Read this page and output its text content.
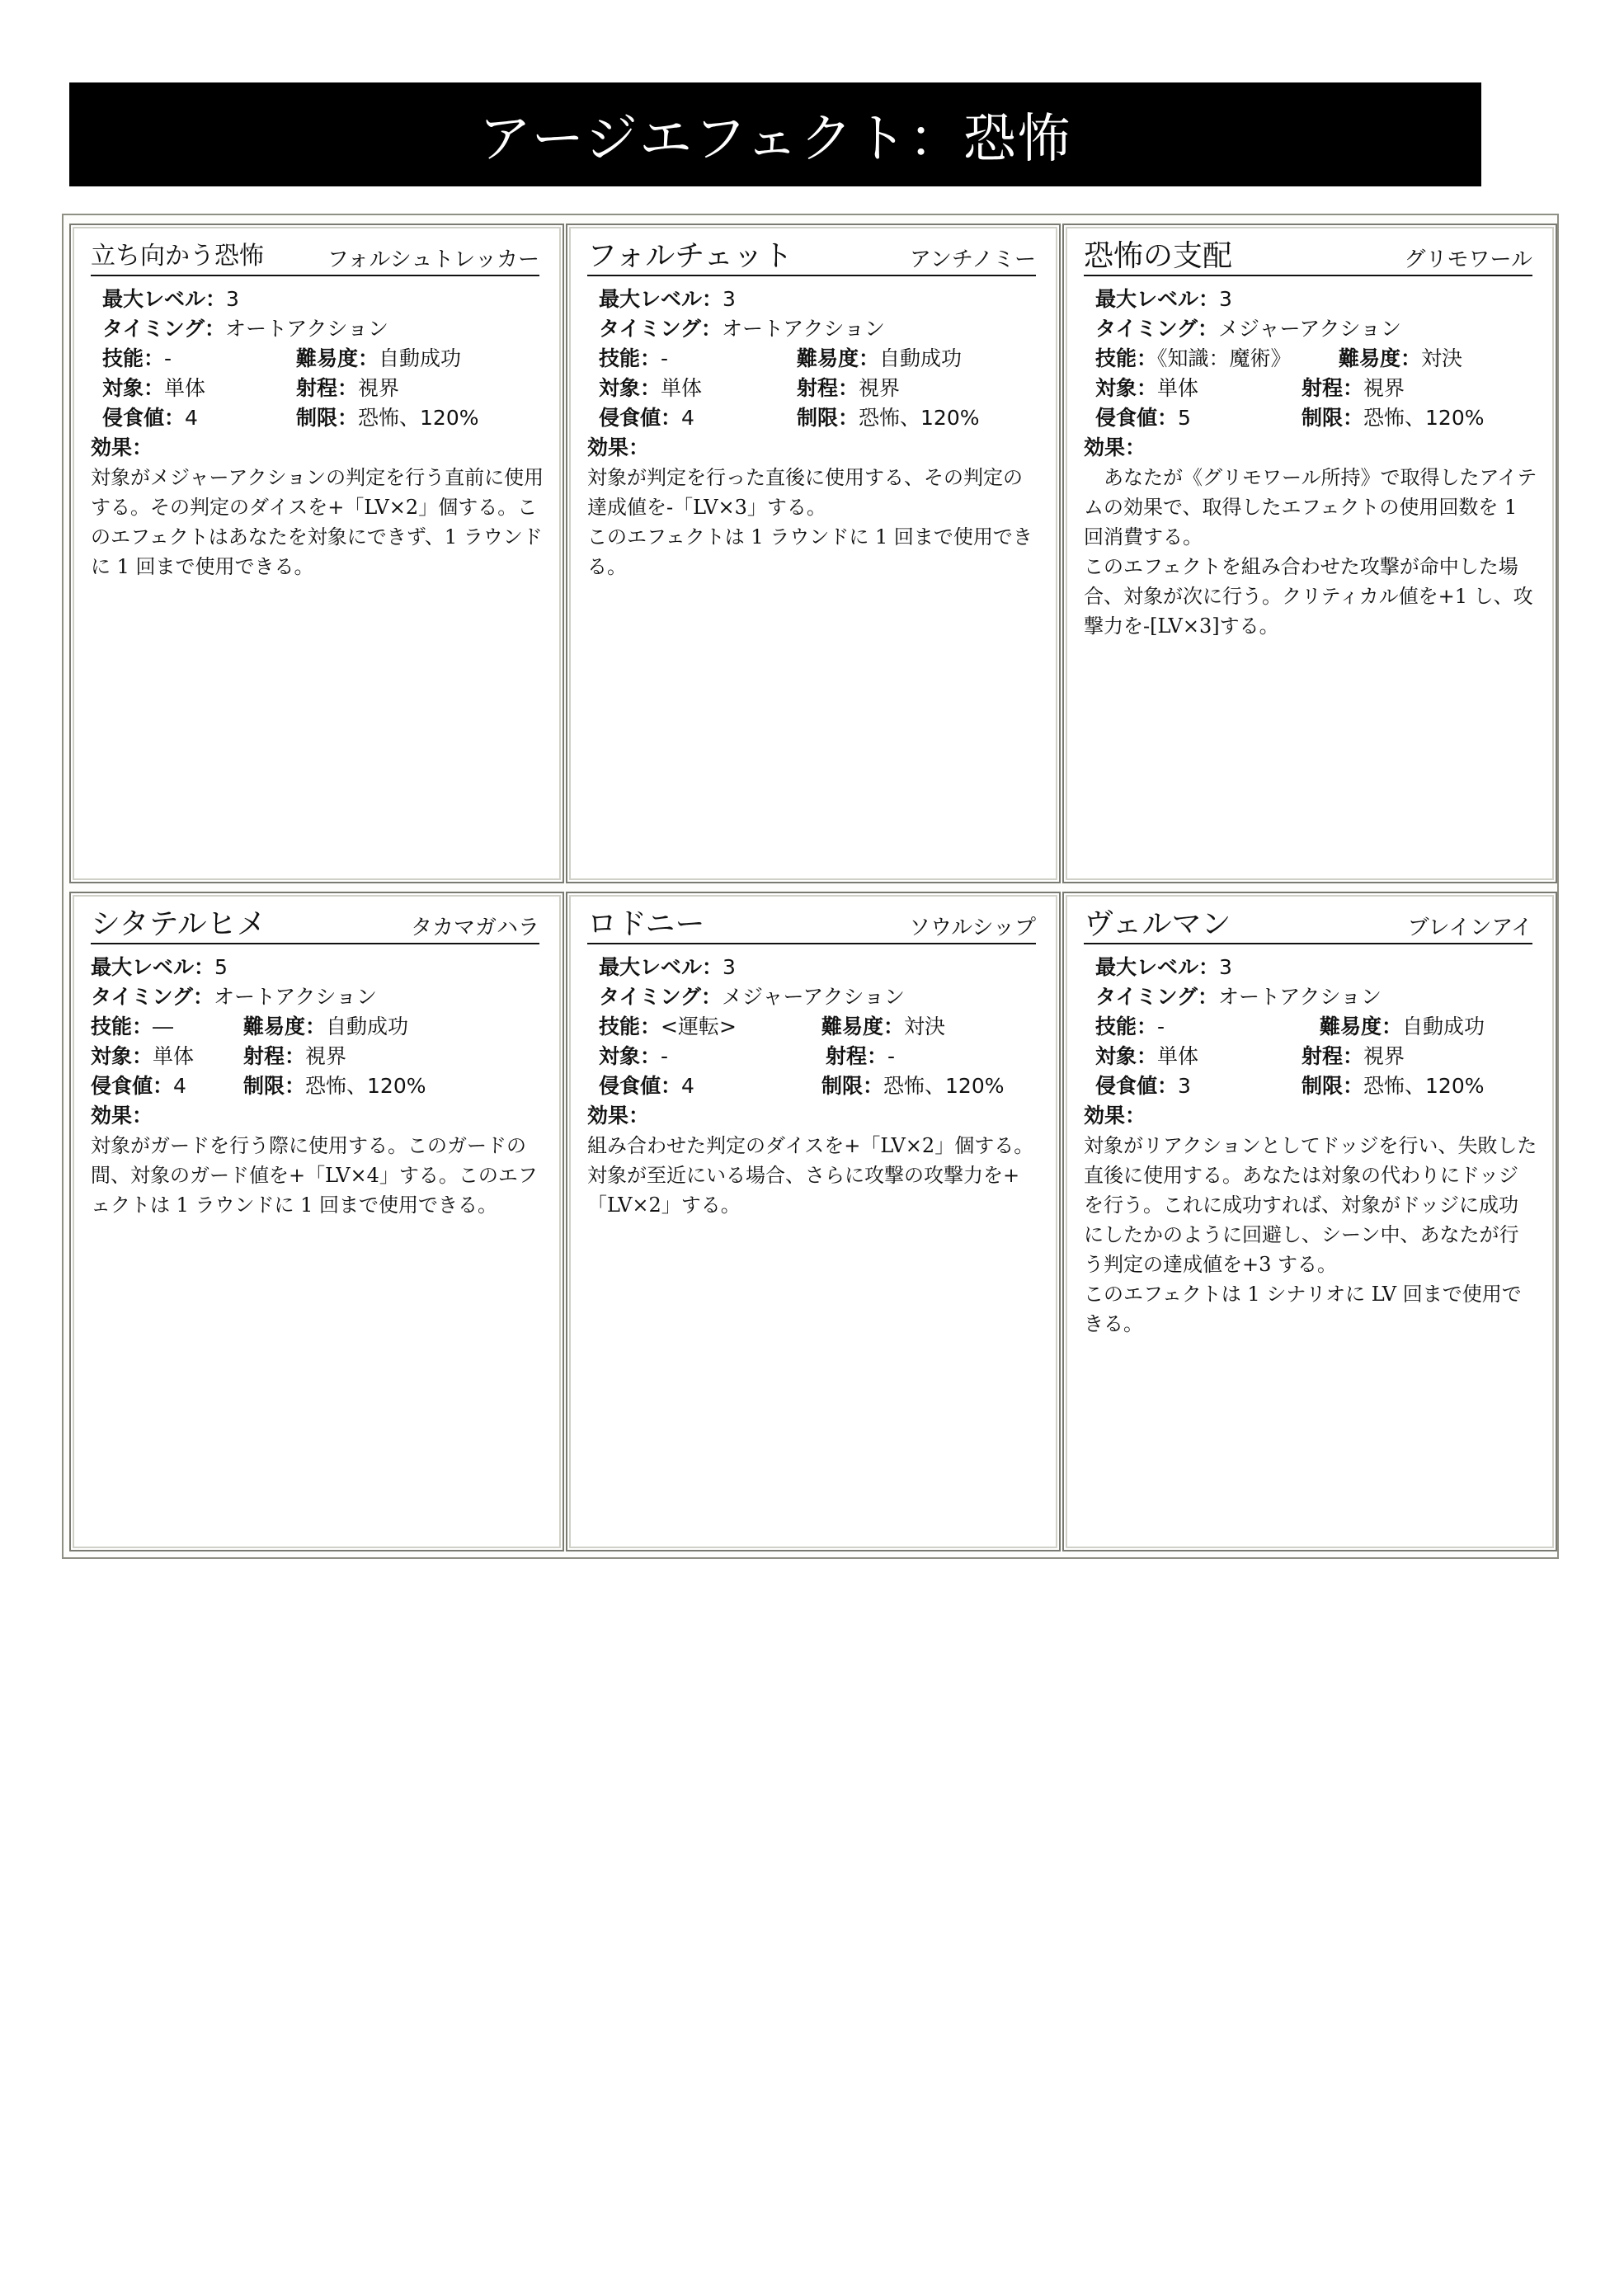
アージエフェクト：恐怖
立ち向かう恐怖	フォルシュトレッカー
最大レベル： 3
タイミング： オートアクション
技能：-	難易度： 自動成功
対象：単体	射程： 視界
侵食値：4	制限： 恐怖、120%
効果：

対象がメジャーアクションの判定を行う直前に使用する。その判定のダイスを+「LV×2」個する。このエフェクトはあなたを対象にできず、1 ラウンドに 1 回まで使用できる。

フォルチェット	アンチノミー
最大レベル： 3
タイミング： オートアクション
技能：-	難易度： 自動成功
対象：単体	射程： 視界
侵食値：4	制限： 恐怖、120%
効果：

対象が判定を行った直後に使用する、その判定の達成値を-「LV×3」する。
このエフェクトは 1 ラウンドに 1 回まで使用できる。

恐怖の支配	グリモワール
最大レベル： 3
タイミング： メジャーアクション
技能：《知識：魔術》	難易度： 対決
対象：単体	射程： 視界
侵食値：5	制限： 恐怖、120%
効果：

　あなたが《グリモワール所持》で取得したアイテムの効果で、取得したエフェクトの使用回数を 1 回消費する。
このエフェクトを組み合わせた攻撃が命中した場合、対象が次に行う。クリティカル値を+1 し、攻撃力を-[LV×3]する。

シタテルヒメ	タカマガハラ
最大レベル： 5
タイミング： オートアクション
技能：―	難易度： 自動成功
対象：単体	射程： 視界
侵食値：4	制限： 恐怖、120%
効果：

対象がガードを行う際に使用する。このガードの間、対象のガード値を+「LV×4」する。このエフェクトは 1 ラウンドに 1 回まで使用できる。

ロドニー	ソウルシップ
最大レベル： 3
タイミング： メジャーアクション
技能：<運転>	難易度： 対決
対象：-	射程： -
侵食値：4	制限： 恐怖、120%
効果：

組み合わせた判定のダイスを+「LV×2」個する。
対象が至近にいる場合、さらに攻撃の攻撃力を+「LV×2」する。

ヴェルマン	ブレインアイ
最大レベル： 3
タイミング： オートアクション
技能：-	難易度： 自動成功
対象：単体	射程： 視界
侵食値：3	制限： 恐怖、120%
効果：

対象がリアクションとしてドッジを行い、失敗した直後に使用する。あなたは対象の代わりにドッジを行う。これに成功すれば、対象がドッジに成功にしたかのように回避し、シーン中、あなたが行う判定の達成値を+3 する。
このエフェクトは 1 シナリオに LV 回まで使用できる。
